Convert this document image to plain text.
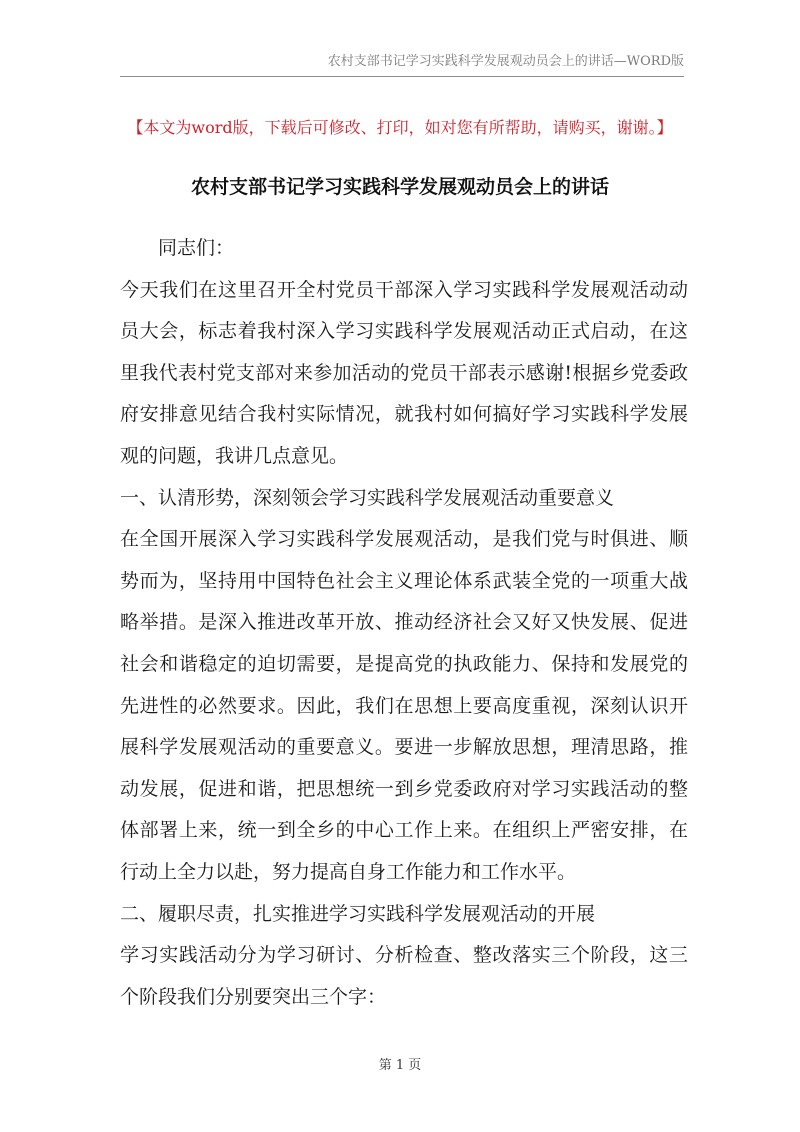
农村支部书记学习实践科学发展观动员会上的讲话—WORD版
【本文为word版，下载后可修改、打印，如对您有所帮助，请购买，谢谢。】
农村支部书记学习实践科学发展观动员会上的讲话

同志们：

今天我们在这里召开全村党员干部深入学习实践科学发展观活动动员大会，标志着我村深入学习实践科学发展观活动正式启动，在这里我代表村党支部对来参加活动的党员干部表示感谢!根据乡党委政府安排意见结合我村实际情况，就我村如何搞好学习实践科学发展观的问题，我讲几点意见。

一、认清形势，深刻领会学习实践科学发展观活动重要意义

在全国开展深入学习实践科学发展观活动，是我们党与时俱进、顺势而为，坚持用中国特色社会主义理论体系武装全党的一项重大战略举措。是深入推进改革开放、推动经济社会又好又快发展、促进社会和谐稳定的迫切需要，是提高党的执政能力、保持和发展党的先进性的必然要求。因此，我们在思想上要高度重视，深刻认识开展科学发展观活动的重要意义。要进一步解放思想，理清思路，推动发展，促进和谐，把思想统一到乡党委政府对学习实践活动的整体部署上来，统一到全乡的中心工作上来。在组织上严密安排，在行动上全力以赴，努力提高自身工作能力和工作水平。

二、履职尽责，扎实推进学习实践科学发展观活动的开展

学习实践活动分为学习研讨、分析检查、整改落实三个阶段，这三个阶段我们分别要突出三个字：

第 1 页
